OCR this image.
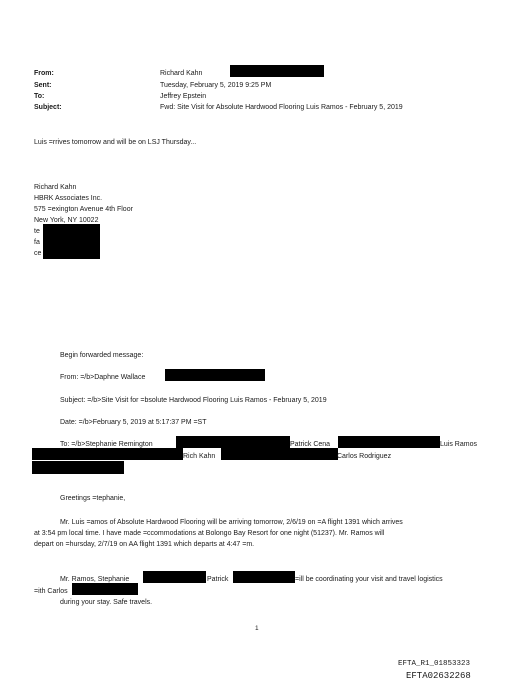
From:	Richard Kahn
Sent:	Tuesday, February 5, 2019 9:25 PM
To:	Jeffrey Epstein
Subject:	Fwd: Site Visit for Absolute Hardwood Flooring Luis Ramos - February 5, 2019
Luis =rrives tomorrow and will be on LSJ Thursday...
Richard Kahn
HBRK Associates Inc.
575 =exington Avenue 4th Floor
New York, NY 10022
te
fa
ce
Begin forwarded message:
From: =/b>Daphne Wallace
Subject: =/b>Site Visit for =bsolute Hardwood Flooring Luis Ramos - February 5, 2019
Date: =/b>February 5, 2019 at 5:17:37 PM =ST
To: =/b>Stephanie Remington	Patrick Cena	Luis Ramos
Rich Kahn	Carlos Rodriguez
Greetings =tephanie,
Mr. Luis =amos of Absolute Hardwood Flooring will be arriving tomorrow, 2/6/19 on =A flight 1391 which arrives
at 3:54 pm local time. I have made =ccommodations at Bolongo Bay Resort for one night (51237). Mr. Ramos will
depart on =hursday, 2/7/19 on AA flight 1391 which departs at 4:47 =m.
Mr. Ramos, Stephanie	Patrick	=ill be coordinating your visit and travel logistics
=ith Carlos
during your stay. Safe travels.
1
EFTA_R1_01853323
EFTA02632268
